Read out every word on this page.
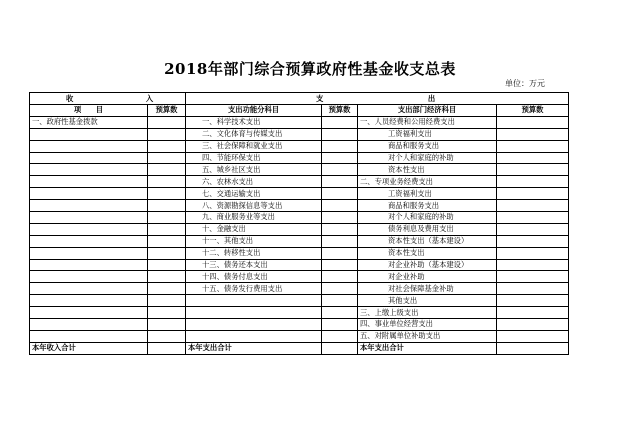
2018年部门综合预算政府性基金收支总表
单位：万元
收 入		支 出			
项　　目	预算数	支出功能分科目	预算数	支出部门经济科目	预算数
一、政府性基金拨款		一、科学技术支出		一、人员经费和公用经费支出	
		二、文化体育与传媒支出		工资福利支出	
		三、社会保障和就业支出		商品和服务支出	
		四、节能环保支出		对个人和家庭的补助	
		五、城乡社区支出		资本性支出	
		六、农林水支出		二、专项业务经费支出	
		七、交通运输支出		工资福利支出	
		八、资源勘探信息等支出		商品和服务支出	
		九、商业服务业等支出		对个人和家庭的补助	
		十、金融支出		债务利息及费用支出	
		十一、其他支出		资本性支出（基本建设）	
		十二、转移性支出		资本性支出	
		十三、债务还本支出		对企业补助（基本建设）	
		十四、债务付息支出		对企业补助	
		十五、债务发行费用支出		对社会保障基金补助	
				其他支出	
				三、上缴上级支出	
				四、事业单位经营支出	
				五、对附属单位补助支出	
本年收入合计		本年支出合计		本年支出合计	
